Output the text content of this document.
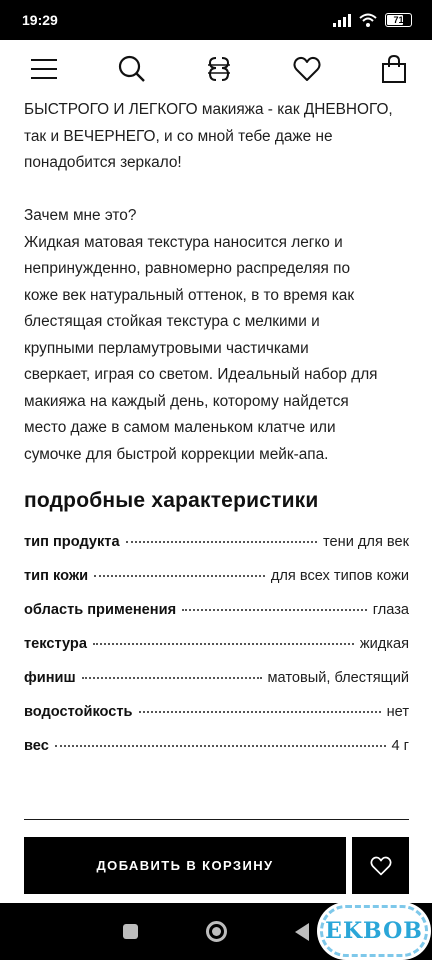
19:29	71

БЫСТРОГО И ЛЕГКОГО макияжа - как ДНЕВНОГО,

так и ВЕЧЕРНЕГО, и со мной тебе даже не

понадобится зеркало!

Зачем мне это?

Жидкая матовая текстура наносится легко и

непринужденно, равномерно распределяя по

коже век натуральный оттенок, в то время как

блестящая стойкая текстура с мелкими и

крупными перламутровыми частичками

сверкает, играя со светом. Идеальный набор для

макияжа на каждый день, которому найдется

место даже в самом маленьком клатче или

сумочке для быстрой коррекции мейк-апа.

подробные характеристики
тип продукта	тени для век
тип кожи	для всех типов кожи
область применения	глаза
текстура	жидкая
финиш	матовый, блестящий
водостойкость	нет
вес	4 г
ДОБАВИТЬ В КОРЗИНУ
EKBOB
